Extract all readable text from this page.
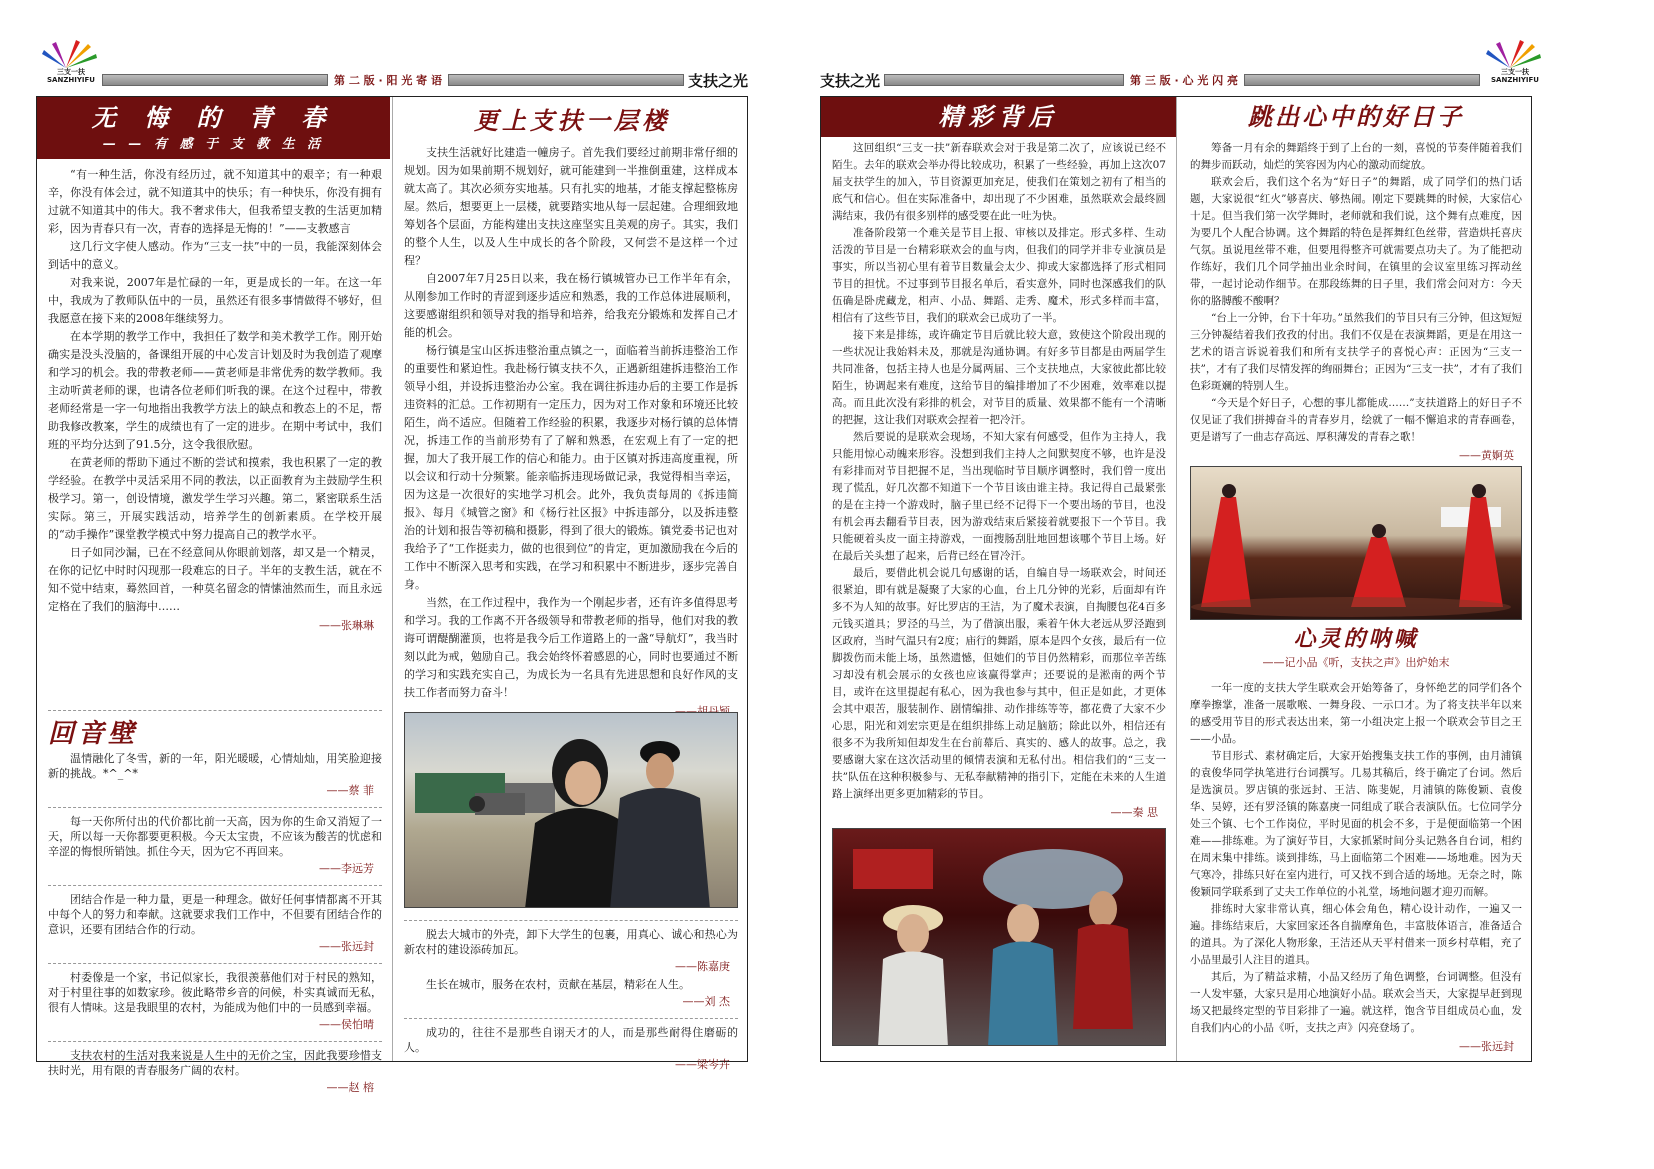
三支一扶
SANZHIYIFU	第 二 版 · 阳 光 寄 语	支扶之光
无 悔 的 青 春
— — 有 感 于 支 教 生 活

“有一种生活，你没有经历过，就不知道其中的艰辛；有一种艰辛，你没有体会过，就不知道其中的快乐；有一种快乐，你没有拥有过就不知道其中的伟大。我不奢求伟大，但我希望支教的生活更加精彩，因为青春只有一次，青春的选择是无悔的！”——支教感言

这几行文字使人感动。作为“三支一扶”中的一员，我能深刻体会到话中的意义。

对我来说，2007年是忙碌的一年，更是成长的一年。在这一年中，我成为了教师队伍中的一员，虽然还有很多事情做得不够好，但我愿意在接下来的2008年继续努力。

在本学期的教学工作中，我担任了数学和美术教学工作。刚开始确实是没头没脑的，备课组开展的中心发言计划及时为我创造了观摩和学习的机会。我的带教老师——黄老师是非常优秀的数学教师。我主动听黄老师的课，也请各位老师们听我的课。在这个过程中，带教老师经常是一字一句地指出我教学方法上的缺点和教态上的不足，帮助我修改教案，学生的成绩也有了一定的进步。在期中考试中，我们班的平均分达到了91.5分，这令我很欣慰。

在黄老师的帮助下通过不断的尝试和摸索，我也积累了一定的教学经验。在教学中灵活采用不同的教法，以正面教育为主鼓励学生积极学习。第一，创设情境，激发学生学习兴趣。第二，紧密联系生活实际。第三，开展实践活动，培养学生的创新素质。在学校开展的“动手操作”课堂教学模式中努力提高自己的教学水平。

日子如同沙漏，已在不经意间从你眼前划落，却又是一个精灵，在你的记忆中时时闪现那一段难忘的日子。半年的支教生活，就在不知不觉中结束，蓦然回首，一种莫名留念的情愫油然而生，而且永远定格在了我们的脑海中……

——张琳琳
回音壁

温情融化了冬雪，新的一年，阳光暖暖，心情灿灿，用笑脸迎接新的挑战。*^_^*

——蔡 菲

每一天你所付出的代价都比前一天高，因为你的生命又消短了一天，所以每一天你都要更积极。今天太宝贵，不应该为酸苦的忧虑和辛涩的悔恨所销蚀。抓住今天，因为它不再回来。

——李远芳

团结合作是一种力量，更是一种理念。做好任何事情都离不开其中每个人的努力和奉献。这就要求我们工作中，不但要有团结合作的意识，还要有团结合作的行动。

——张远封

村委像是一个家，书记似家长，我很羡慕他们对于村民的熟知，对于村里往事的如数家珍。彼此略带乡音的问候，朴实真诚而无私，很有人情味。这是我眼里的农村，为能成为他们中的一员感到幸福。

——侯怕晴

支扶农村的生活对我来说是人生中的无价之宝，因此我要珍惜支扶时光，用有限的青春服务广阔的农村。

——赵 榕
更上支扶一层楼

支扶生活就好比建造一幢房子。首先我们要经过前期非常仔细的规划。因为如果前期不规划好，就可能建到一半推倒重建，这样成本就太高了。其次必须夯实地基。只有扎实的地基，才能支撑起整栋房屋。然后，想要更上一层楼，就要踏实地从每一层起建。合理细致地筹划各个层面，方能构建出支扶这座坚实且美观的房子。其实，我们的整个人生，以及人生中成长的各个阶段，又何尝不是这样一个过程？

自2007年7月25日以来，我在杨行镇城管办已工作半年有余，从刚参加工作时的青涩到逐步适应和熟悉，我的工作总体进展顺利，这要感谢组织和领导对我的指导和培养，给我充分锻炼和发挥自己才能的机会。

杨行镇是宝山区拆违整治重点镇之一，面临着当前拆违整治工作的重要性和紧迫性。我赴杨行镇支扶不久，正遇新组建拆违整治工作领导小组，并设拆违整治办公室。我在调往拆违办后的主要工作是拆违资料的汇总。工作初期有一定压力，因为对工作对象和环境还比较陌生，尚不适应。但随着工作经验的积累，我逐步对杨行镇的总体情况，拆违工作的当前形势有了了解和熟悉，在宏观上有了一定的把握，加大了我开展工作的信心和能力。由于区镇对拆违高度重视，所以会议和行动十分频繁。能亲临拆违现场做记录，我觉得相当幸运，因为这是一次很好的实地学习机会。此外，我负责每周的《拆违简报》、每月《城管之窗》和《杨行社区报》中拆违部分，以及拆违整治的计划和报告等初稿和摄影，得到了很大的锻炼。镇党委书记也对我给予了“工作挺卖力，做的也很到位”的肯定，更加激励我在今后的工作中不断深入思考和实践，在学习和积累中不断进步，逐步完善自身。

当然，在工作过程中，我作为一个刚起步者，还有许多值得思考和学习。我的工作离不开各级领导和带教老师的指导，他们对我的教诲可谓醍醐灌顶，也将是我今后工作道路上的一盏“导航灯”，我当时刻以此为戒，勉励自己。我会始终怀着感恩的心，同时也要通过不断的学习和实践充实自己，为成长为一名具有先进思想和良好作风的支扶工作者而努力奋斗！

脱去大城市的外壳，卸下大学生的包裹，用真心、诚心和热心为新农村的建设添砖加瓦。

——陈嘉庚

生长在城市，服务在农村，贡献在基层，精彩在人生。

——刘 杰

成功的，往往不是那些自诩天才的人，而是那些耐得住磨砺的人。

——梁岑卉
三支一扶
SANZHIYIFU
支扶之光	第 三 版 · 心 光 闪 亮
精彩背后

这回组织“三支一扶”新春联欢会对于我是第二次了，应该说已经不陌生。去年的联欢会举办得比较成功，积累了一些经验，再加上这次07届支扶学生的加入，节目资源更加充足，使我们在策划之初有了相当的底气和信心。但在实际准备中，却出现了不少困难，虽然联欢会最终圆满结束，我仍有很多别样的感受要在此一吐为快。

准备阶段第一个难关是节目上报、审核以及排定。形式多样、生动活泼的节目是一台精彩联欢会的血与肉，但我们的同学并非专业演员是事实，所以当初心里有着节目数量会太少、抑或大家都选择了形式相同节目的担忧。不过事到节目报名单后，看实意外，同时也深感我们的队伍确是卧虎藏龙，相声、小品、舞蹈、走秀、魔术，形式多样而丰富，相信有了这些节目，我们的联欢会已成功了一半。

接下来是排练，或许确定节目后就比较大意，致使这个阶段出现的一些状况让我始料未及，那就是沟通协调。有好多节目都是由两届学生共同准备，包括主持人也是分属两届、三个支扶地点，大家彼此都比较陌生，协调起来有难度，这给节目的编排增加了不少困难，效率难以提高。而且此次没有彩排的机会，对节目的质量、效果都不能有一个清晰的把握，这让我们对联欢会捏着一把冷汗。

然后要说的是联欢会现场，不知大家有何感受，但作为主持人，我只能用惊心动魄来形容。没想到我们主持人之间默契度不够，也许是没有彩排而对节目把握不足，当出现临时节目顺序调整时，我们曾一度出现了慌乱，好几次都不知道下一个节目该由谁主持。我记得自己最紧张的是在主持一个游戏时，脑子里已经不记得下一个要出场的节目，也没有机会再去翻看节目表，因为游戏结束后紧接着就要报下一个节目。我只能硬着头皮一面主持游戏，一面搜肠刮肚地回想该哪个节目上场。好在最后关头想了起来，后背已经在冒冷汗。

最后，要借此机会说几句感谢的话，自编自导一场联欢会，时间还很紧迫，即有就是凝聚了大家的心血，台上几分钟的光彩，后面却有许多不为人知的故事。好比罗店的王洁，为了魔术表演，自掏腰包花4百多元钱买道具；罗泾的马兰，为了借演出服，乘着午休大老远从罗泾跑到区政府，当时气温只有2度；庙行的舞蹈，原本是四个女孩，最后有一位脚拨伤而未能上场，虽然遗憾，但她们的节目仍然精彩，而那位辛苦练习却没有机会展示的女孩也应该赢得掌声；还要说的是淞南的两个节目，或许在这里提起有私心，因为我也参与其中，但正是如此，才更体会其中艰苦，服装制作、剧情编排、动作排练等等，都花费了大家不少心思，阳光和刘宏宗更是在组织排练上动足脑筋；除此以外，相信还有很多不为我所知但却发生在台前幕后、真实的、感人的故事。总之，我要感谢大家在这次活动里的倾情表演和无私付出。相信我们的“三支一扶”队伍在这种积极参与、无私奉献精神的指引下，定能在未来的人生道路上演绎出更多更加精彩的节目。

——秦 思
跳出心中的好日子

筹备一月有余的舞蹈终于到了上台的一刻，喜悦的节奏伴随着我们的舞步而跃动，灿烂的笑容因为内心的激动而绽放。

联欢会后，我们这个名为“好日子”的舞蹈，成了同学们的热门话题，大家说很“红火”够喜庆、够热闹。刚定下要跳舞的时候，大家信心十足。但当我们第一次学舞时，老师就和我们说，这个舞有点难度，因为要几个人配合协调。这个舞蹈的特色是挥舞红色丝带，营造烘托喜庆气氛。虽说甩丝带不难，但要甩得整齐可就需要点功夫了。为了能把动作练好，我们几个同学抽出业余时间，在镇里的会议室里练习挥动丝带，一起讨论动作细节。在那段练舞的日子里，我们常会问对方：今天你的胳膊酸不酸啊？

“台上一分钟，台下十年功。”虽然我们的节目只有三分钟，但这短短三分钟凝结着我们孜孜的付出。我们不仅是在表演舞蹈，更是在用这一艺术的语言诉说着我们和所有支扶学子的喜悦心声：正因为“三支一扶”，才有了我们尽情发挥的绚丽舞台；正因为“三支一扶”，才有了我们色彩斑斓的特别人生。

“今天是个好日子，心想的事儿都能成……”支扶道路上的好日子不仅见证了我们拼搏奋斗的青春岁月，绘就了一幅不懈追求的青春画卷，更是谱写了一曲志存高远、厚积薄发的青春之歌！

——黄婀英
心灵的呐喊
——记小品《听，支扶之声》出炉始末

一年一度的支扶大学生联欢会开始筹备了，身怀绝艺的同学们各个摩拳擦掌，准备一展歌喉、一舞身段、一示口才。为了将支扶半年以来的感受用节目的形式表达出来，第一小组决定上报一个联欢会节目之王——小品。

节目形式、素材确定后，大家开始搜集支扶工作的事例，由月浦镇的袁俊华同学执笔进行台词撰写。几易其稿后，终于确定了台词。然后是选演员。罗店镇的张远封、王洁、陈斐妮，月浦镇的陈俊颖、袁俊华、吴婷，还有罗泾镇的陈嘉庚一同组成了联合表演队伍。七位同学分处三个镇、七个工作岗位，平时见面的机会不多，于是便面临第一个困难——排练难。为了演好节目，大家抓紧时间分头记熟各自台词，相约在周末集中排练。谈到排练，马上面临第二个困难——场地难。因为天气寒冷，排练只好在室内进行，可又找不到合适的场地。无奈之时，陈俊颖同学联系到了丈夫工作单位的小礼堂，场地问题才迎刃而解。

排练时大家非常认真，细心体会角色，精心设计动作，一遍又一遍。排练结束后，大家回家还各自揣摩角色，丰富肢体语言，准备适合的道具。为了深化人物形象，王洁还从天平村借来一顶乡村草帽，充了小品里最引人注目的道具。

其后，为了精益求精，小品又经历了角色调整，台词调整。但没有一人发牢骚，大家只是用心地演好小品。联欢会当天，大家提早赶到现场又把最终定型的节目彩排了一遍。就这样，饱含节目组成员心血，发自我们内心的小品《听，支扶之声》闪亮登场了。

——张远封
